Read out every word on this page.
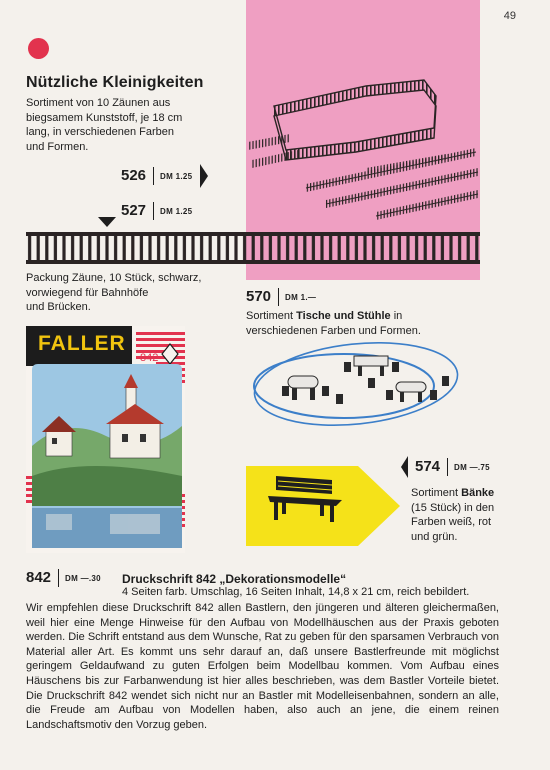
49
Nützliche Kleinigkeiten
Sortiment von 10 Zäunen aus
biegsamem Kunststoff, je 18 cm
lang, in verschiedenen Farben
und Formen.
526 DM 1.25
527 DM 1.25
Packung Zäune, 10 Stück, schwarz,
vorwiegend für Bahnhöfe
und Brücken.
570 DM 1.—
Sortiment Tische und Stühle in
verschiedenen Farben und Formen.
FALLER
842
574 DM —.75
Sortiment Bänke
(15 Stück) in den
Farben weiß, rot
und grün.
842 DM —.30 Druckschrift 842 „Dekorationsmodelle“
4 Seiten farb. Umschlag, 16 Seiten Inhalt, 14,8 x 21 cm, reich bebildert.
Wir empfehlen diese Druckschrift 842 allen Bastlern, den jüngeren und älteren gleichermaßen, weil hier eine Menge Hinweise für den Aufbau von Modellhäuschen aus der Praxis geboten werden. Die Schrift entstand aus dem Wunsche, Rat zu geben für den sparsamen Verbrauch von Material aller Art. Es kommt uns sehr darauf an, daß unsere Bastlerfreunde mit möglichst geringem Geldaufwand zu guten Erfolgen beim Modellbau kommen. Vom Aufbau eines Häuschens bis zur Farbanwendung ist hier alles beschrieben, was dem Bastler Vorteile bietet. Die Druckschrift 842 wendet sich nicht nur an Bastler mit Modelleisenbahnen, sondern an alle, die Freude am Aufbau von Modellen haben, also auch an jene, die einem reinen Landschaftsmotiv den Vorzug geben.
